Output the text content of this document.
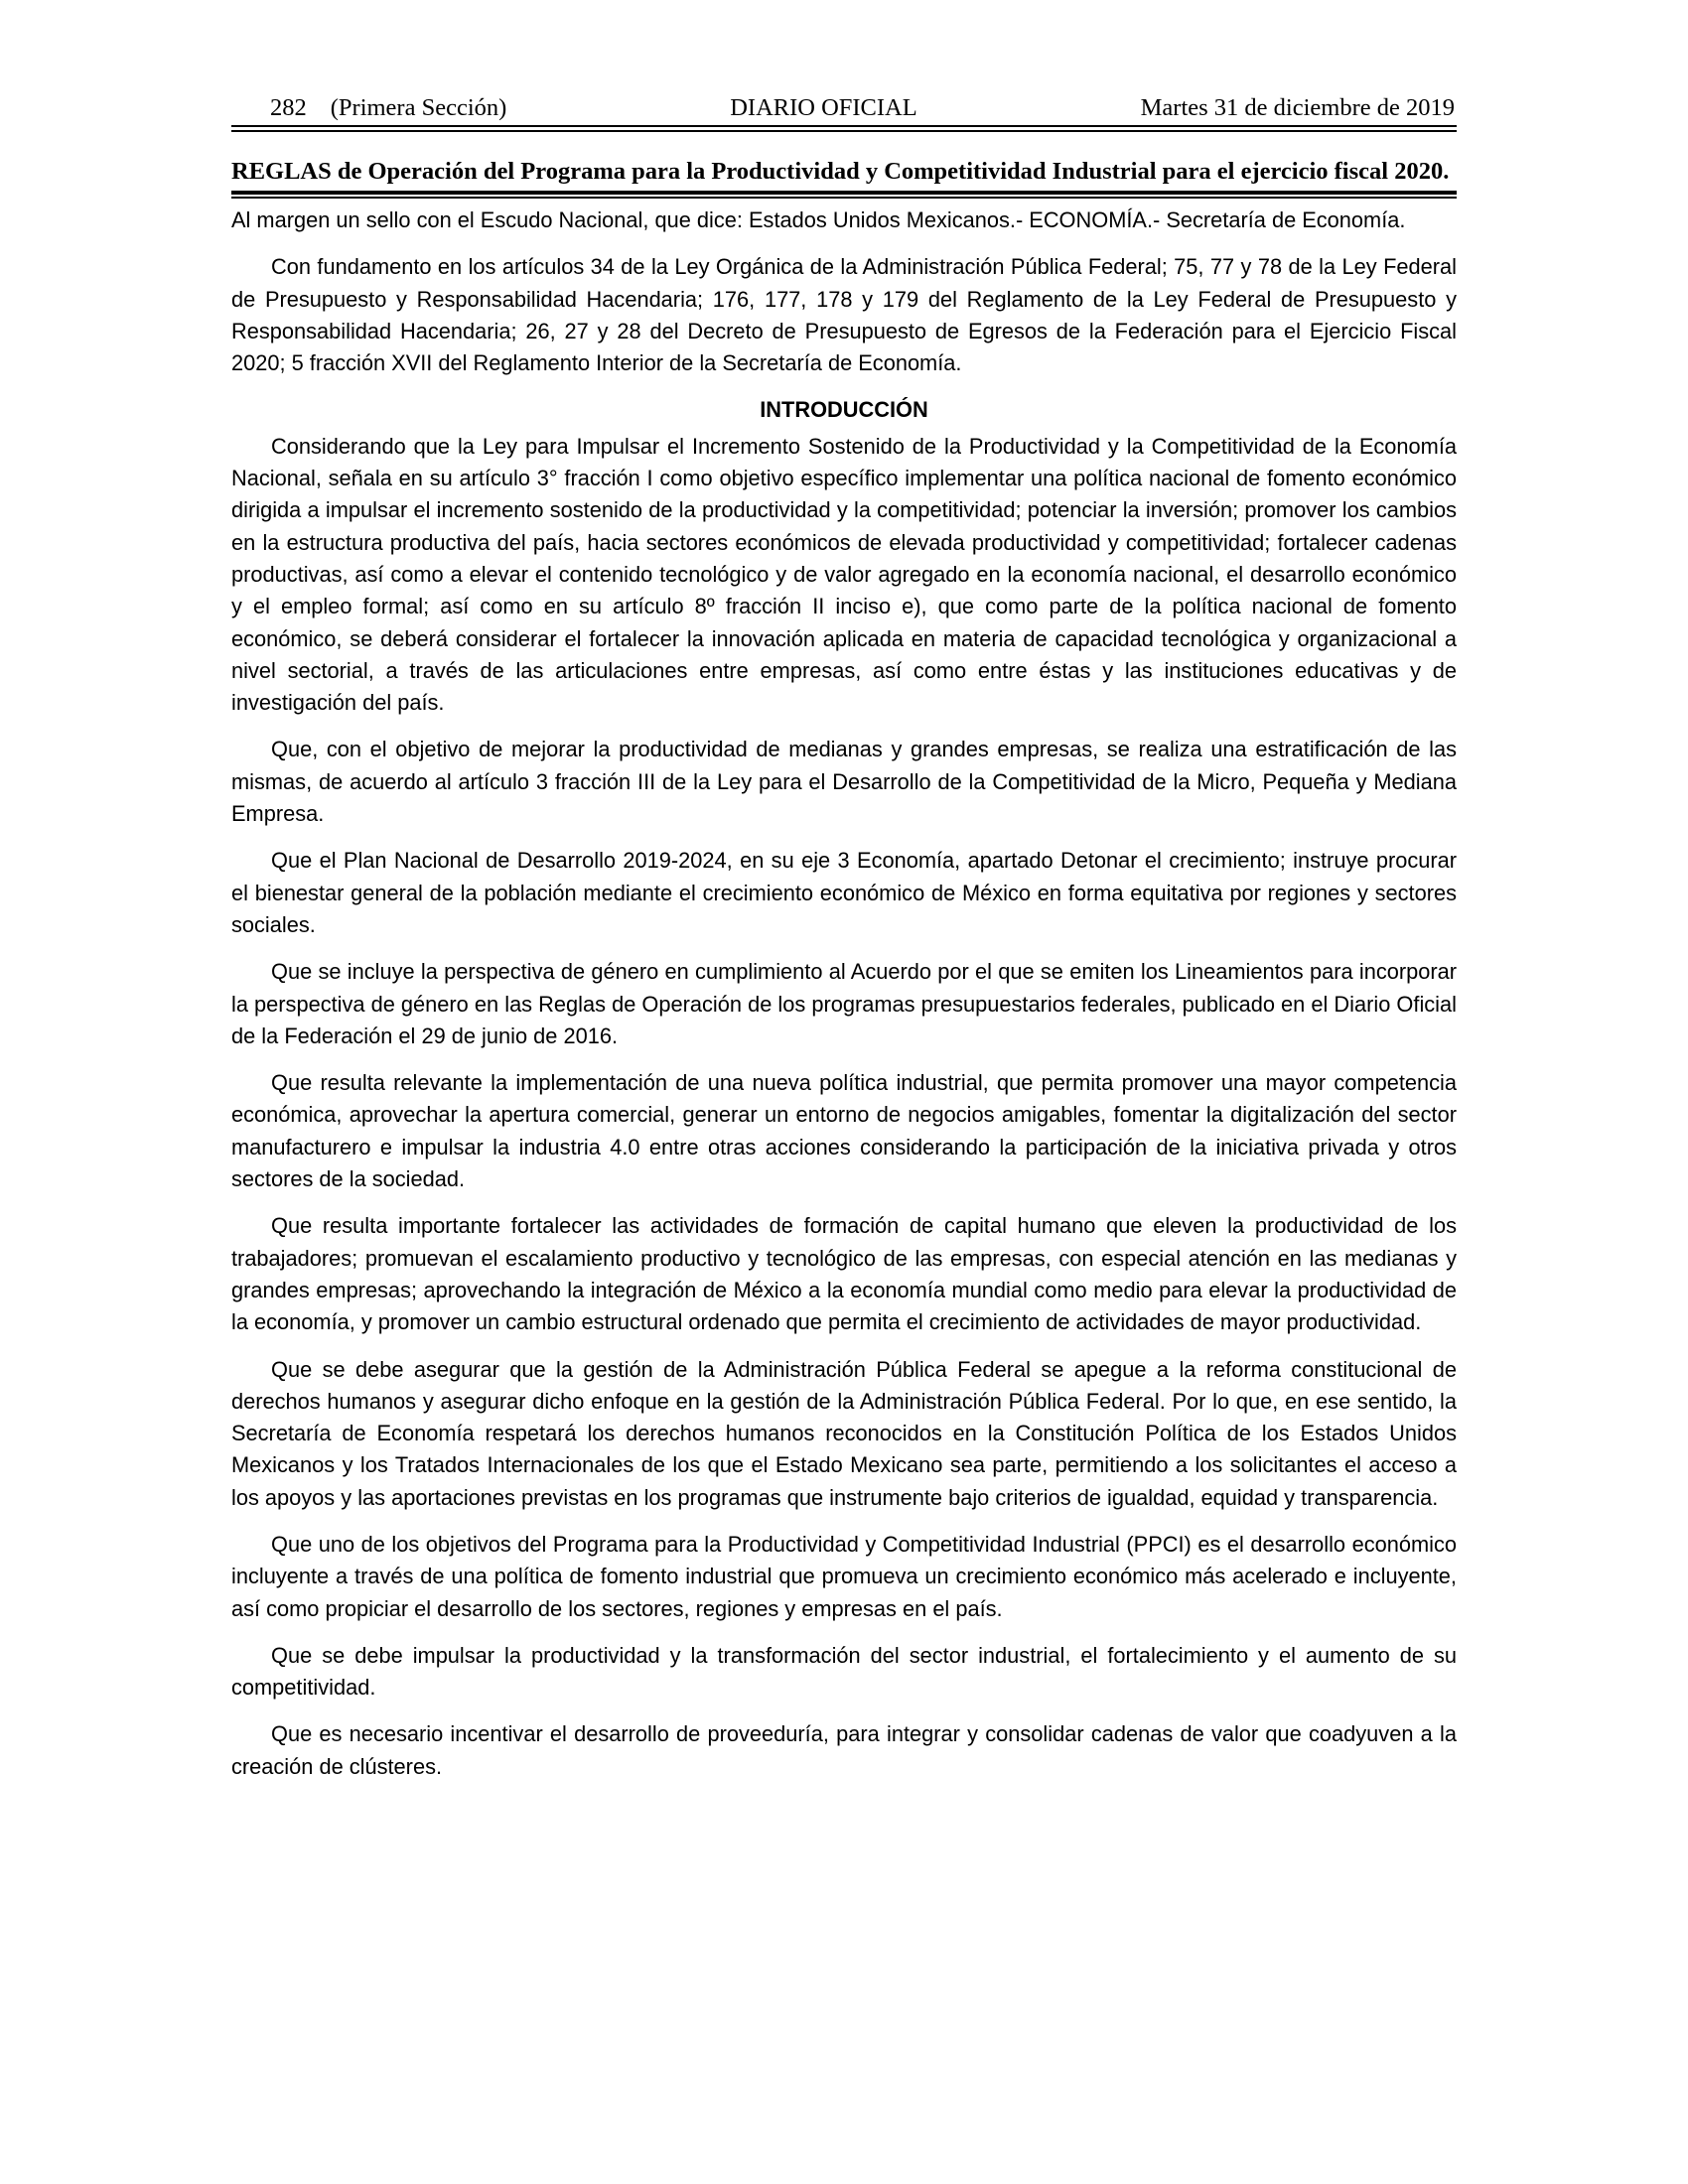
282 (Primera Sección)	DIARIO OFICIAL	Martes 31 de diciembre de 2019
REGLAS de Operación del Programa para la Productividad y Competitividad Industrial para el ejercicio fiscal 2020.

Al margen un sello con el Escudo Nacional, que dice: Estados Unidos Mexicanos.- ECONOMÍA.- Secretaría de Economía.

Con fundamento en los artículos 34 de la Ley Orgánica de la Administración Pública Federal; 75, 77 y 78 de la Ley Federal de Presupuesto y Responsabilidad Hacendaria; 176, 177, 178 y 179 del Reglamento de la Ley Federal de Presupuesto y Responsabilidad Hacendaria; 26, 27 y 28 del Decreto de Presupuesto de Egresos de la Federación para el Ejercicio Fiscal 2020; 5 fracción XVII del Reglamento Interior de la Secretaría de Economía.

INTRODUCCIÓN

Considerando que la Ley para Impulsar el Incremento Sostenido de la Productividad y la Competitividad de la Economía Nacional, señala en su artículo 3° fracción I como objetivo específico implementar una política nacional de fomento económico dirigida a impulsar el incremento sostenido de la productividad y la competitividad; potenciar la inversión; promover los cambios en la estructura productiva del país, hacia sectores económicos de elevada productividad y competitividad; fortalecer cadenas productivas, así como a elevar el contenido tecnológico y de valor agregado en la economía nacional, el desarrollo económico y el empleo formal; así como en su artículo 8º fracción II inciso e), que como parte de la política nacional de fomento económico, se deberá considerar el fortalecer la innovación aplicada en materia de capacidad tecnológica y organizacional a nivel sectorial, a través de las articulaciones entre empresas, así como entre éstas y las instituciones educativas y de investigación del país.

Que, con el objetivo de mejorar la productividad de medianas y grandes empresas, se realiza una estratificación de las mismas, de acuerdo al artículo 3 fracción III de la Ley para el Desarrollo de la Competitividad de la Micro, Pequeña y Mediana Empresa.

Que el Plan Nacional de Desarrollo 2019-2024, en su eje 3 Economía, apartado Detonar el crecimiento; instruye procurar el bienestar general de la población mediante el crecimiento económico de México en forma equitativa por regiones y sectores sociales.

Que se incluye la perspectiva de género en cumplimiento al Acuerdo por el que se emiten los Lineamientos para incorporar la perspectiva de género en las Reglas de Operación de los programas presupuestarios federales, publicado en el Diario Oficial de la Federación el 29 de junio de 2016.

Que resulta relevante la implementación de una nueva política industrial, que permita promover una mayor competencia económica, aprovechar la apertura comercial, generar un entorno de negocios amigables, fomentar la digitalización del sector manufacturero e impulsar la industria 4.0 entre otras acciones considerando la participación de la iniciativa privada y otros sectores de la sociedad.

Que resulta importante fortalecer las actividades de formación de capital humano que eleven la productividad de los trabajadores; promuevan el escalamiento productivo y tecnológico de las empresas, con especial atención en las medianas y grandes empresas; aprovechando la integración de México a la economía mundial como medio para elevar la productividad de la economía, y promover un cambio estructural ordenado que permita el crecimiento de actividades de mayor productividad.

Que se debe asegurar que la gestión de la Administración Pública Federal se apegue a la reforma constitucional de derechos humanos y asegurar dicho enfoque en la gestión de la Administración Pública Federal. Por lo que, en ese sentido, la Secretaría de Economía respetará los derechos humanos reconocidos en la Constitución Política de los Estados Unidos Mexicanos y los Tratados Internacionales de los que el Estado Mexicano sea parte, permitiendo a los solicitantes el acceso a los apoyos y las aportaciones previstas en los programas que instrumente bajo criterios de igualdad, equidad y transparencia.

Que uno de los objetivos del Programa para la Productividad y Competitividad Industrial (PPCI) es el desarrollo económico incluyente a través de una política de fomento industrial que promueva un crecimiento económico más acelerado e incluyente, así como propiciar el desarrollo de los sectores, regiones y empresas en el país.

Que se debe impulsar la productividad y la transformación del sector industrial, el fortalecimiento y el aumento de su competitividad.

Que es necesario incentivar el desarrollo de proveeduría, para integrar y consolidar cadenas de valor que coadyuven a la creación de clústeres.
